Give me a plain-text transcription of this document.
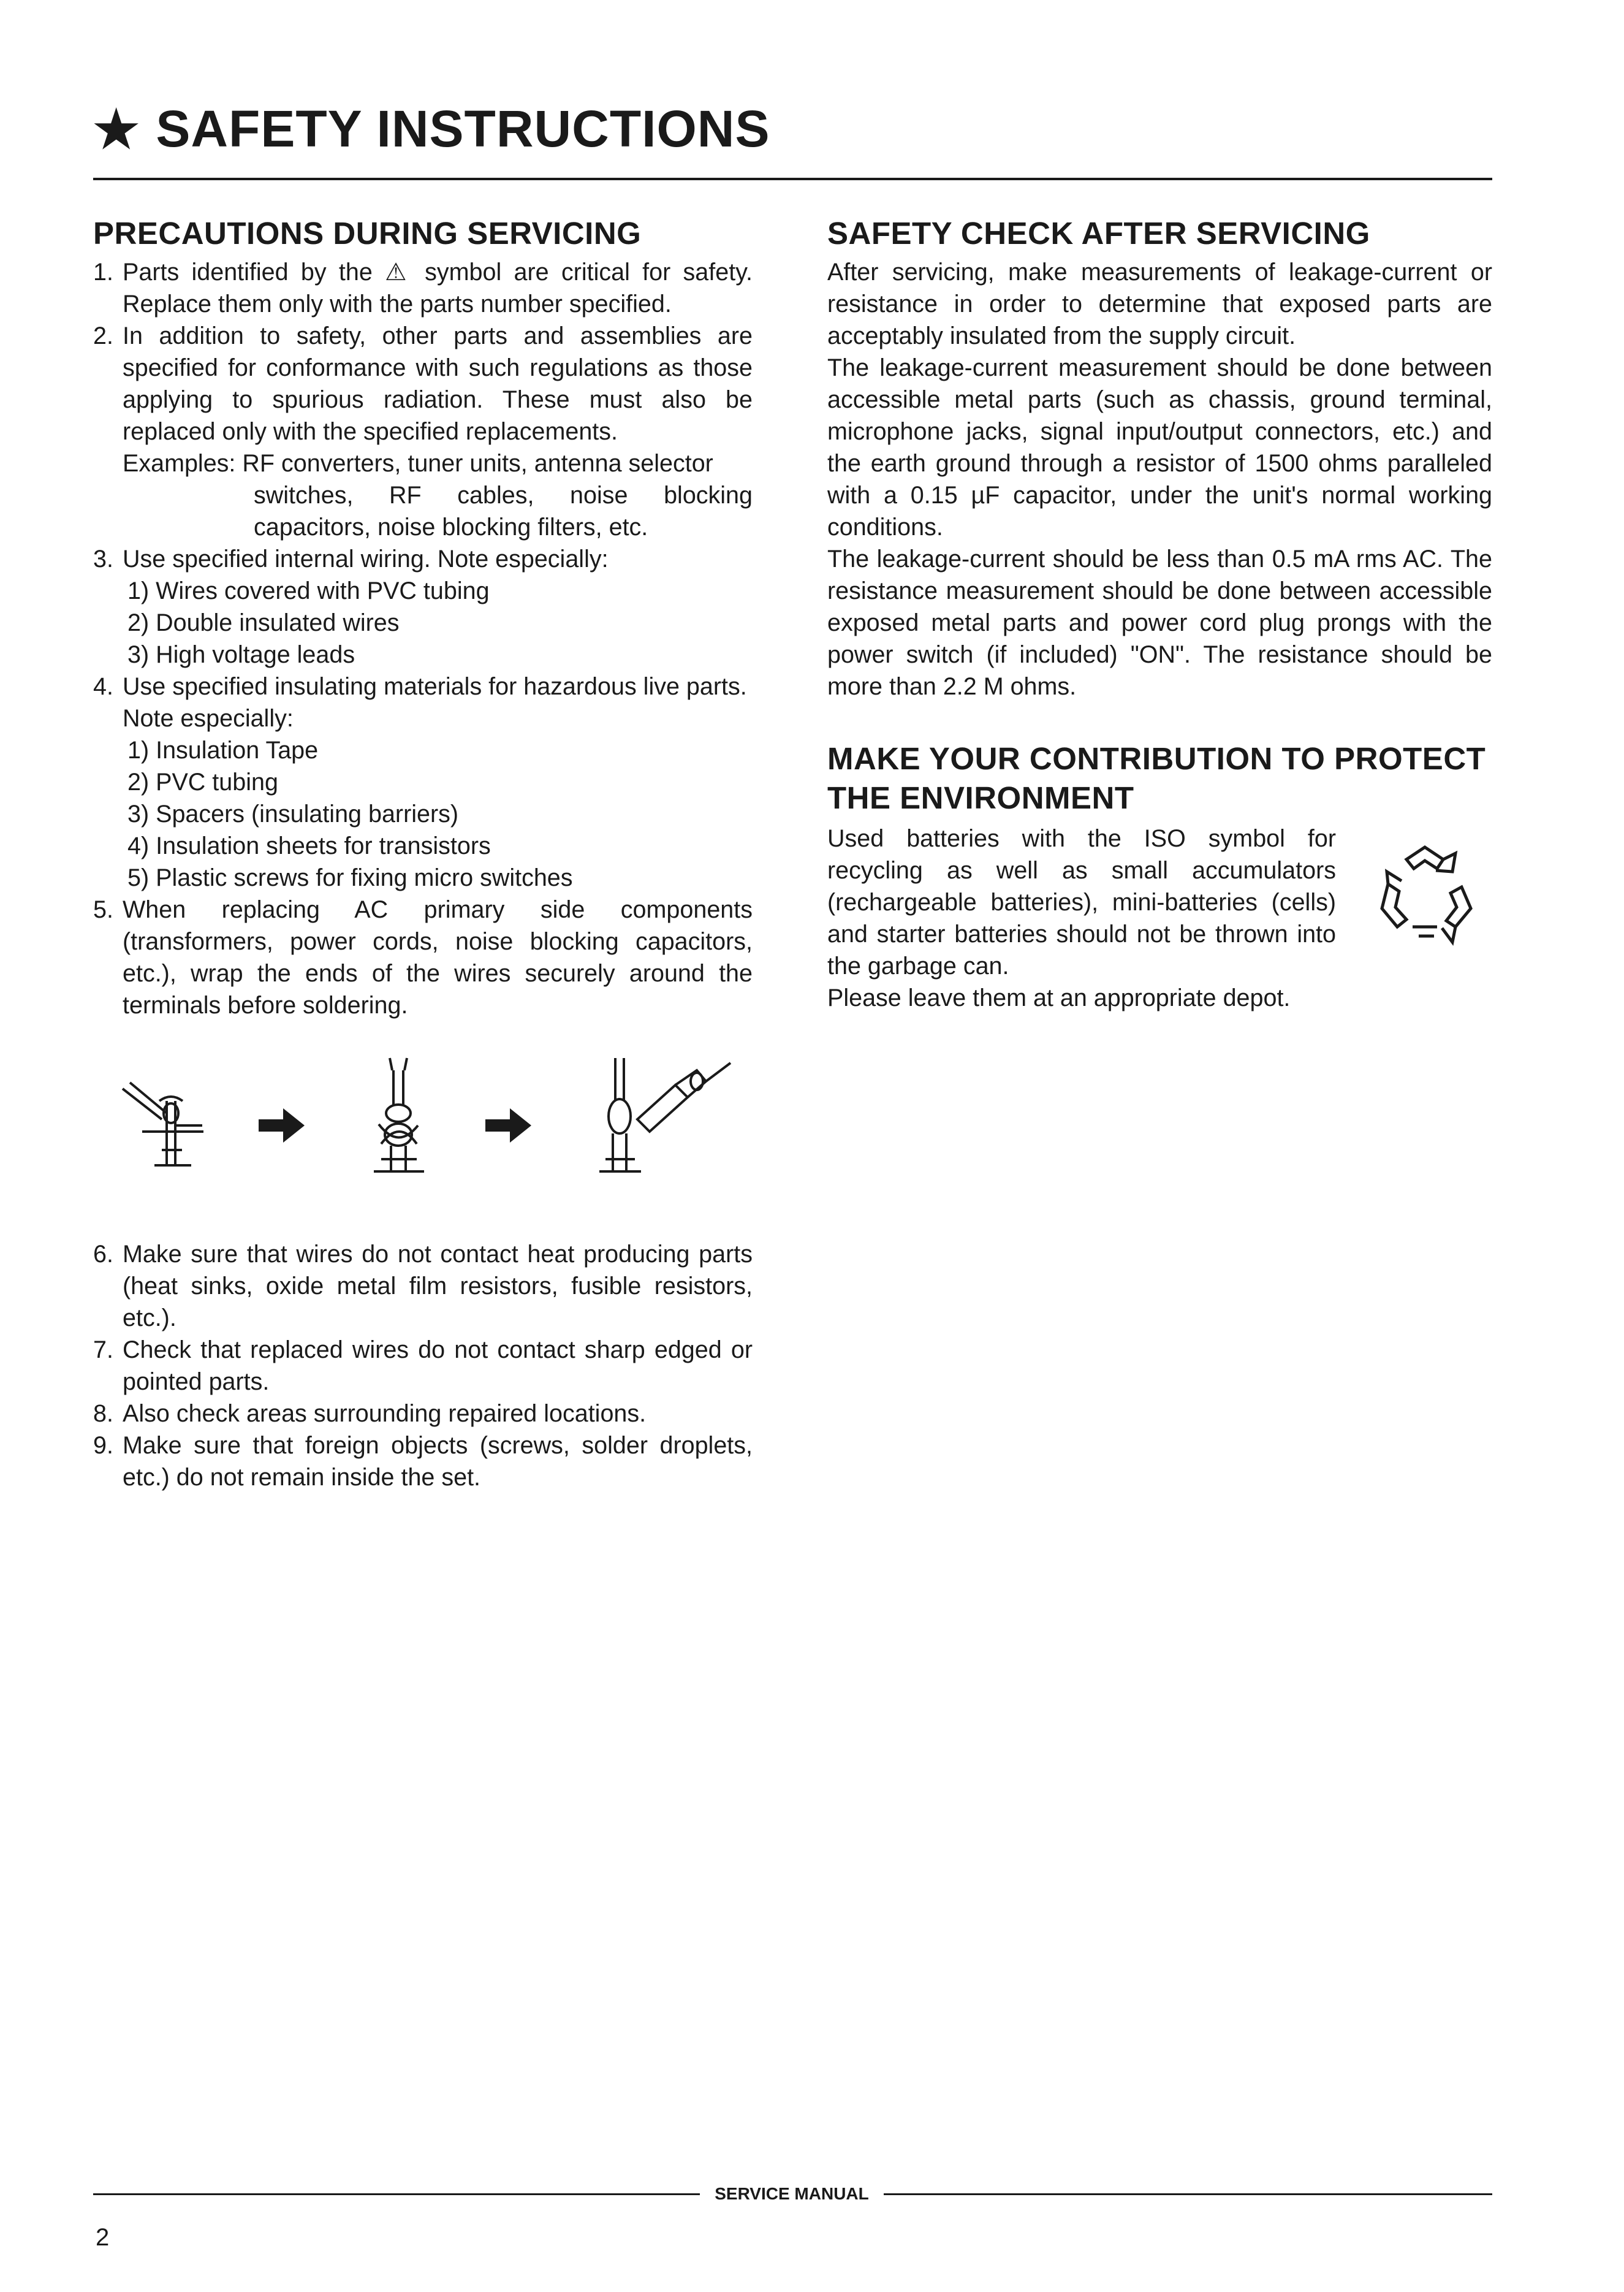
★ SAFETY INSTRUCTIONS
PRECAUTIONS DURING SERVICING
1. Parts identified by the ⚠ symbol are critical for safety. Replace them only with the parts number specified.
2. In addition to safety, other parts and assemblies are specified for conformance with such regulations as those applying to spurious radiation. These must also be replaced only with the specified replacements.
Examples: RF converters, tuner units, antenna selector
switches, RF cables, noise blocking capacitors, noise blocking filters, etc.
3. Use specified internal wiring. Note especially:
1) Wires covered with PVC tubing
2) Double insulated wires
3) High voltage leads
4. Use specified insulating materials for hazardous live parts.
Note especially:
1) Insulation Tape
2) PVC tubing
3) Spacers (insulating barriers)
4) Insulation sheets for transistors
5) Plastic screws for fixing micro switches
5. When replacing AC primary side components (transformers, power cords, noise blocking capacitors, etc.), wrap the ends of the wires securely around the terminals before soldering.
6. Make sure that wires do not contact heat producing parts (heat sinks, oxide metal film resistors, fusible resistors, etc.).
7. Check that replaced wires do not contact sharp edged or pointed parts.
8. Also check areas surrounding repaired locations.
9. Make sure that foreign objects (screws, solder droplets, etc.) do not remain inside the set.
SAFETY CHECK AFTER SERVICING

After servicing, make measurements of leakage-current or resistance in order to determine that exposed parts are acceptably insulated from the supply circuit.

The leakage-current measurement should be done between accessible metal parts (such as chassis, ground terminal, microphone jacks, signal input/output connectors, etc.) and the earth ground through a resistor of 1500 ohms paralleled with a 0.15 µF capacitor, under the unit's normal working conditions.

The leakage-current should be less than 0.5 mA rms AC. The resistance measurement should be done between accessible exposed metal parts and power cord plug prongs with the power switch (if included) "ON". The resistance should be more than 2.2 M ohms.

MAKE YOUR CONTRIBUTION TO PROTECT THE ENVIRONMENT

Used batteries with the ISO symbol for recycling as well as small accumulators (rechargeable batteries), mini-batteries (cells) and starter batteries should not be thrown into the garbage can.

Please leave them at an appropriate depot.

SERVICE MANUAL
2
